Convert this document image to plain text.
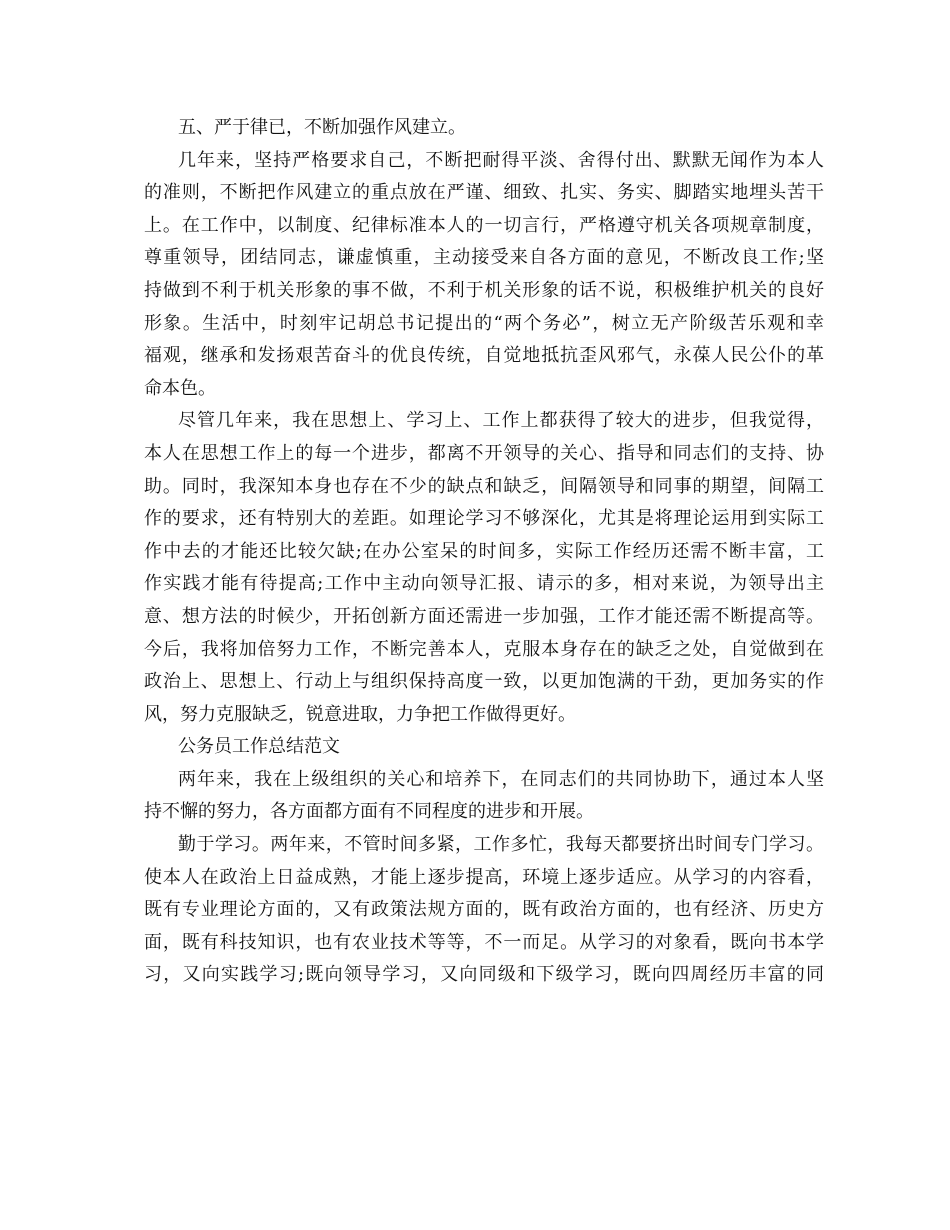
五、严于律已，不断加强作风建立。
几年来，坚持严格要求自己，不断把耐得平淡、舍得付出、默默无闻作为本人
的准则，不断把作风建立的重点放在严谨、细致、扎实、务实、脚踏实地埋头苦干
上。在工作中，以制度、纪律标准本人的一切言行，严格遵守机关各项规章制度，
尊重领导，团结同志，谦虚慎重，主动接受来自各方面的意见，不断改良工作;坚
持做到不利于机关形象的事不做，不利于机关形象的话不说，积极维护机关的良好
形象。生活中，时刻牢记胡总书记提出的“两个务必”，树立无产阶级苦乐观和幸
福观，继承和发扬艰苦奋斗的优良传统，自觉地抵抗歪风邪气，永葆人民公仆的革
命本色。
尽管几年来，我在思想上、学习上、工作上都获得了较大的进步，但我觉得，
本人在思想工作上的每一个进步，都离不开领导的关心、指导和同志们的支持、协
助。同时，我深知本身也存在不少的缺点和缺乏，间隔领导和同事的期望，间隔工
作的要求，还有特别大的差距。如理论学习不够深化，尤其是将理论运用到实际工
作中去的才能还比较欠缺;在办公室呆的时间多，实际工作经历还需不断丰富，工
作实践才能有待提高;工作中主动向领导汇报、请示的多，相对来说，为领导出主
意、想方法的时候少，开拓创新方面还需进一步加强，工作才能还需不断提高等。
今后，我将加倍努力工作，不断完善本人，克服本身存在的缺乏之处，自觉做到在
政治上、思想上、行动上与组织保持高度一致，以更加饱满的干劲，更加务实的作
风，努力克服缺乏，锐意进取，力争把工作做得更好。
公务员工作总结范文
两年来，我在上级组织的关心和培养下，在同志们的共同协助下，通过本人坚
持不懈的努力，各方面都方面有不同程度的进步和开展。
勤于学习。两年来，不管时间多紧，工作多忙，我每天都要挤出时间专门学习。
使本人在政治上日益成熟，才能上逐步提高，环境上逐步适应。从学习的内容看，
既有专业理论方面的，又有政策法规方面的，既有政治方面的，也有经济、历史方
面，既有科技知识，也有农业技术等等，不一而足。从学习的对象看，既向书本学
习，又向实践学习;既向领导学习，又向同级和下级学习，既向四周经历丰富的同
